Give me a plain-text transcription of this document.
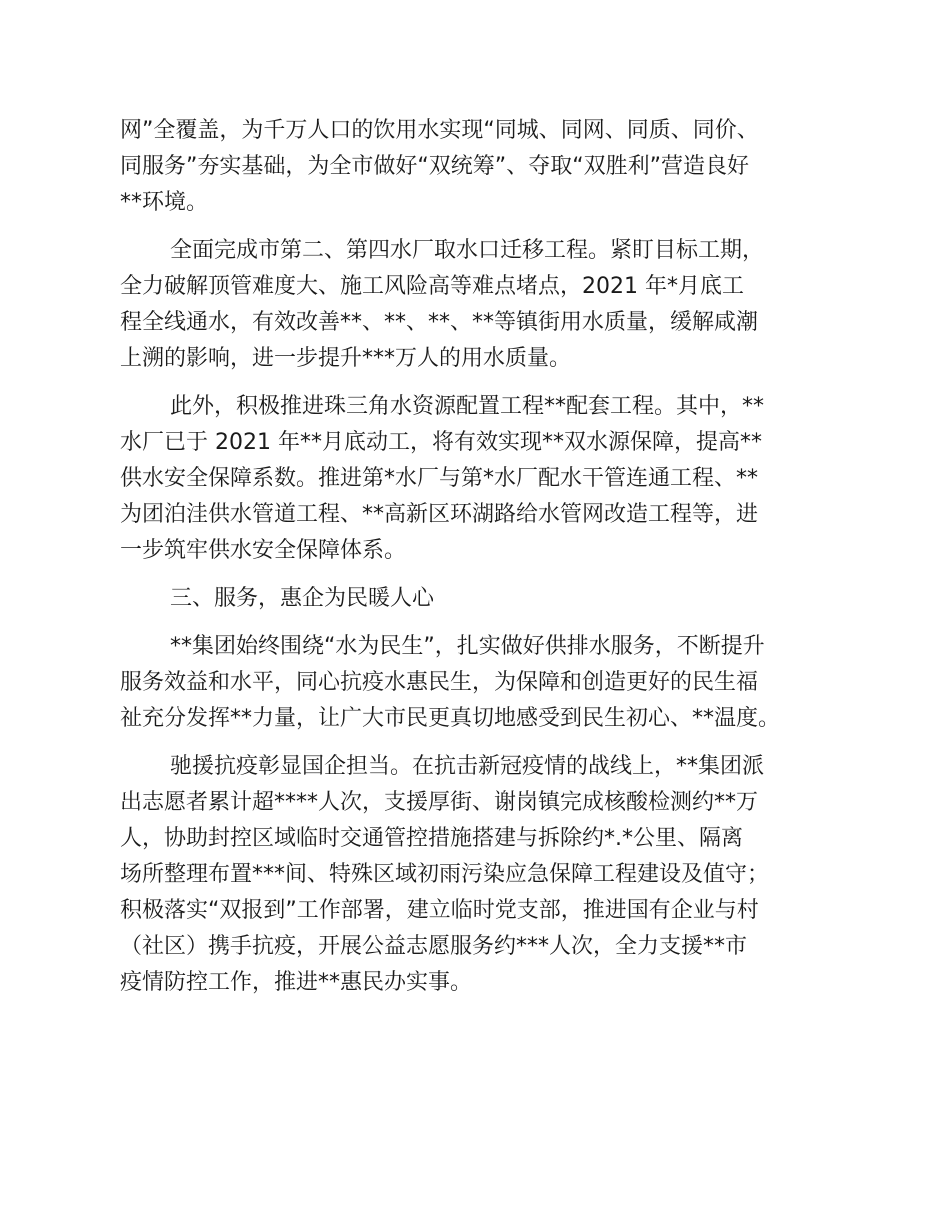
网”全覆盖，为千万人口的饮用水实现“同城、同网、同质、同价、
同服务”夯实基础，为全市做好“双统筹”、夺取“双胜利”营造良好
**环境。
全面完成市第二、第四水厂取水口迁移工程。紧盯目标工期，
全力破解顶管难度大、施工风险高等难点堵点，2021 年*月底工
程全线通水，有效改善**、**、**、**等镇街用水质量，缓解咸潮
上溯的影响，进一步提升***万人的用水质量。
此外，积极推进珠三角水资源配置工程**配套工程。其中，**
水厂已于 2021 年**月底动工，将有效实现**双水源保障，提高**
供水安全保障系数。推进第*水厂与第*水厂配水干管连通工程、**
为团泊洼供水管道工程、**高新区环湖路给水管网改造工程等，进
一步筑牢供水安全保障体系。
三、服务，惠企为民暖人心
**集团始终围绕“水为民生”，扎实做好供排水服务，不断提升
服务效益和水平，同心抗疫水惠民生，为保障和创造更好的民生福
祉充分发挥**力量，让广大市民更真切地感受到民生初心、**温度。
驰援抗疫彰显国企担当。在抗击新冠疫情的战线上，**集团派
出志愿者累计超****人次，支援厚街、谢岗镇完成核酸检测约**万
人，协助封控区域临时交通管控措施搭建与拆除约*.*公里、隔离
场所整理布置***间、特殊区域初雨污染应急保障工程建设及值守；
积极落实“双报到”工作部署，建立临时党支部，推进国有企业与村
（社区）携手抗疫，开展公益志愿服务约***人次，全力支援**市
疫情防控工作，推进**惠民办实事。
